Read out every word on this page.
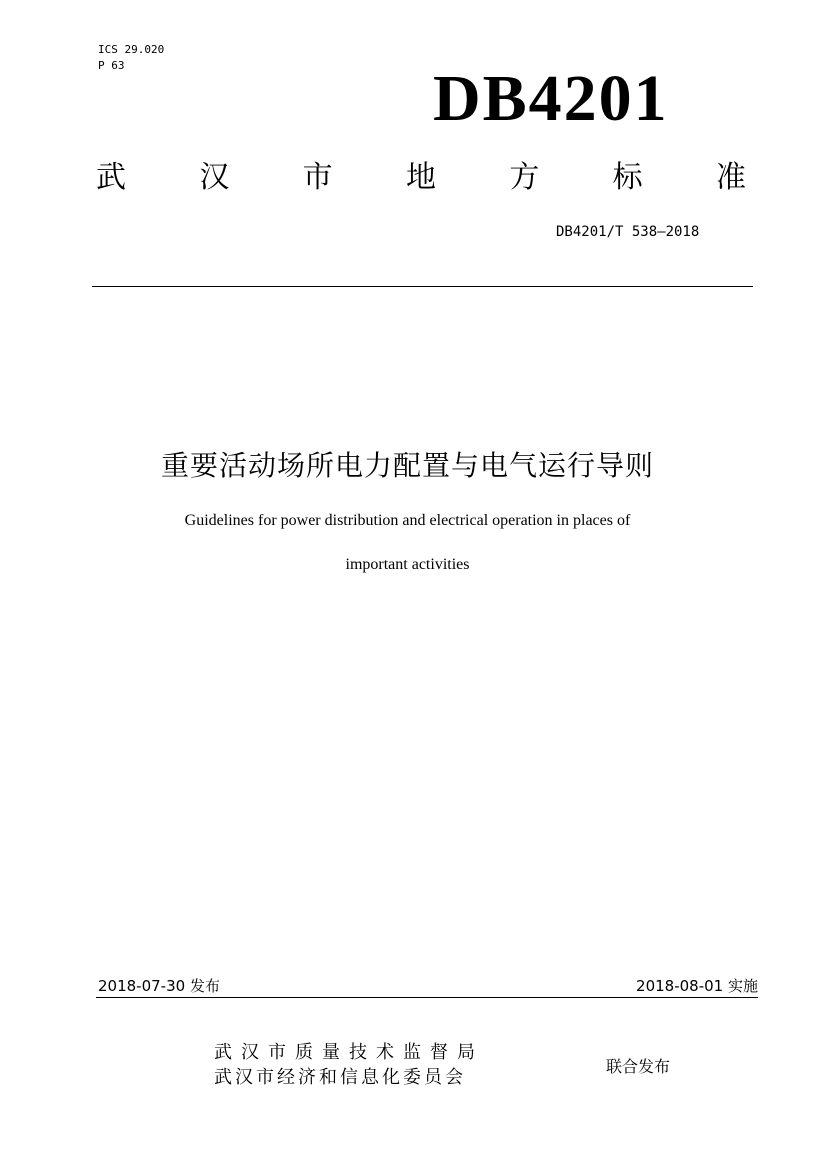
ICS 29.020
P 63	DB4201
武 汉 市 地 方 标 准
DB4201/T 538—2018
重要活动场所电力配置与电气运行导则
Guidelines for power distribution and electrical operation in places of
important activities
2018-07-30 发布	2018-08-01 实施
武汉市质量技术监督局
武汉市经济和信息化委员会
联合发布
